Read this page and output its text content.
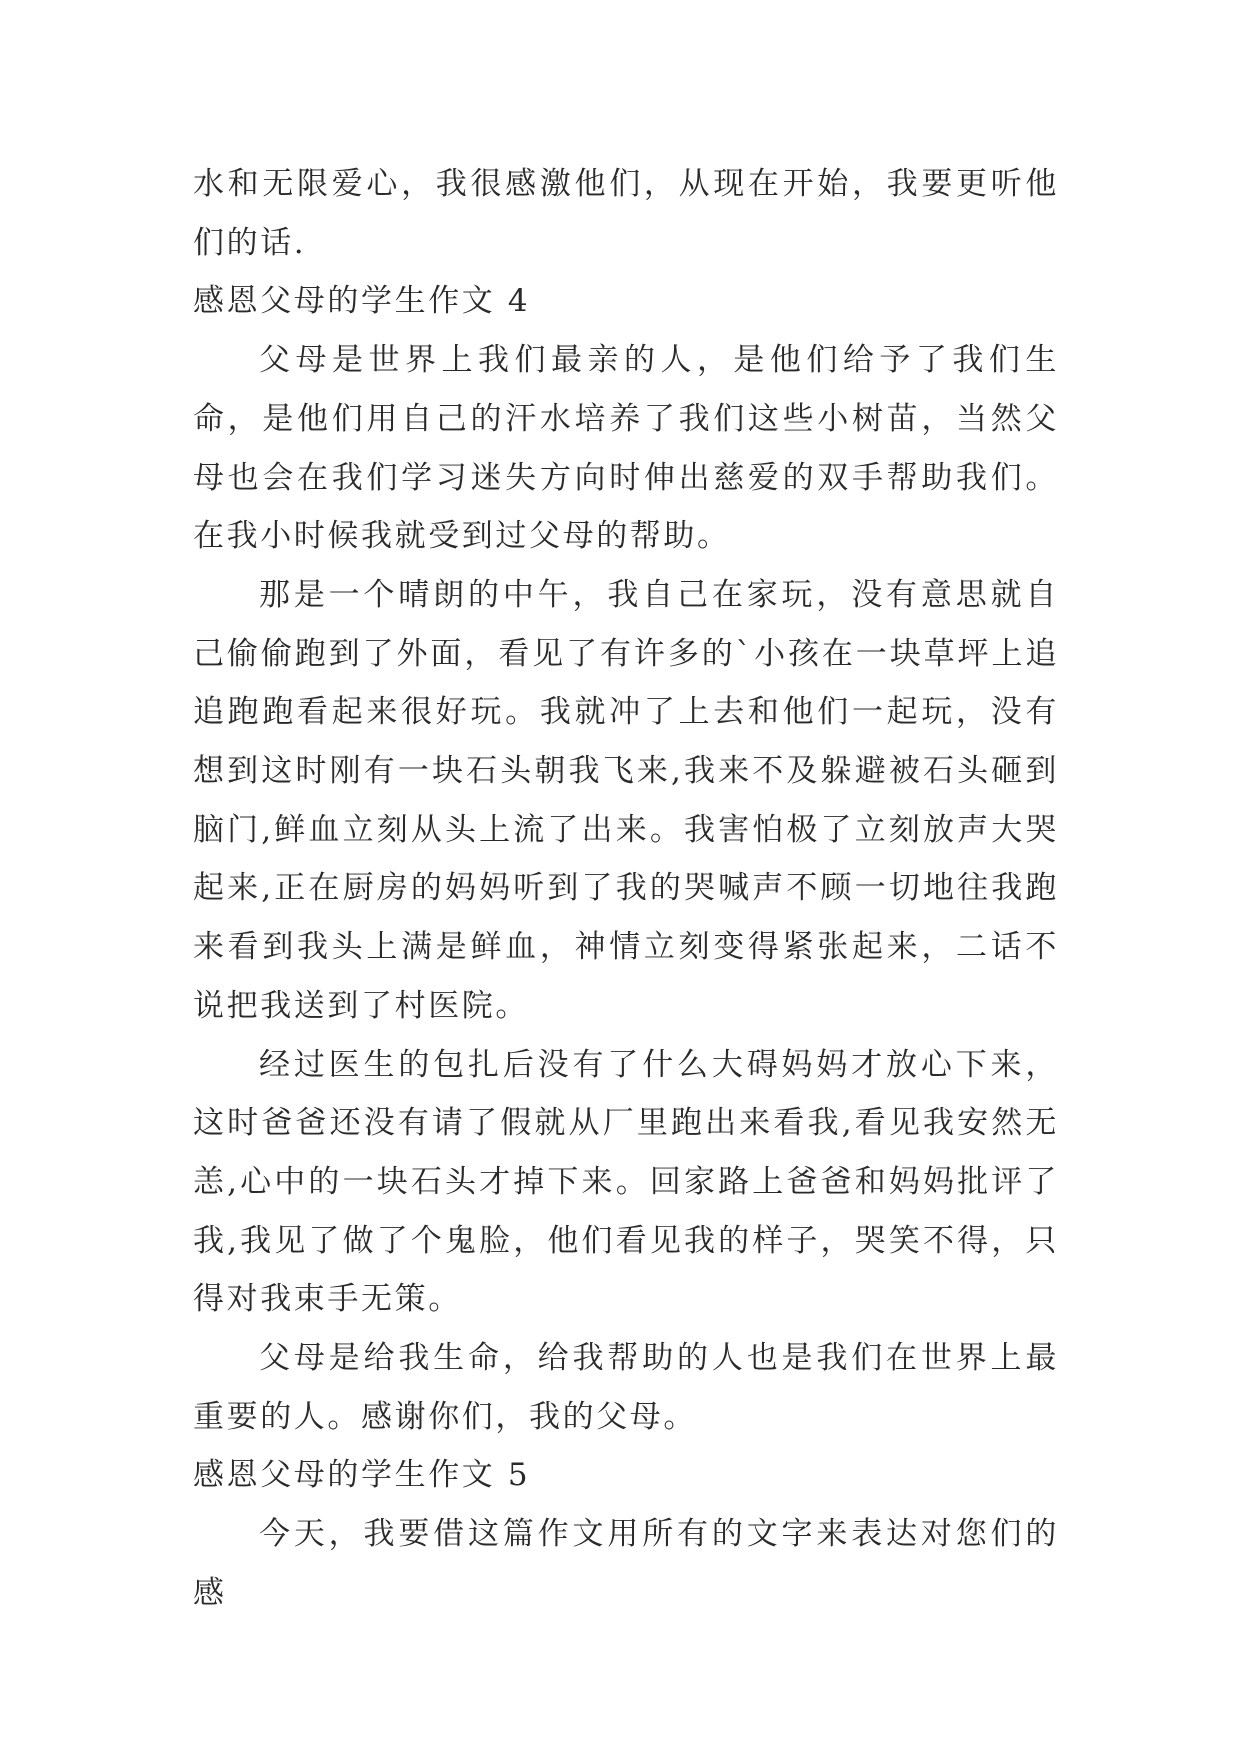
水和无限爱心，我很感激他们，从现在开始，我要更听他们的话.

感恩父母的学生作文 4

父母是世界上我们最亲的人，是他们给予了我们生命，是他们用自己的汗水培养了我们这些小树苗，当然父母也会在我们学习迷失方向时伸出慈爱的双手帮助我们。在我小时候我就受到过父母的帮助。

那是一个晴朗的中午，我自己在家玩，没有意思就自己偷偷跑到了外面，看见了有许多的`小孩在一块草坪上追追跑跑看起来很好玩。我就冲了上去和他们一起玩，没有想到这时刚有一块石头朝我飞来,我来不及躲避被石头砸到脑门,鲜血立刻从头上流了出来。我害怕极了立刻放声大哭起来,正在厨房的妈妈听到了我的哭喊声不顾一切地往我跑来看到我头上满是鲜血，神情立刻变得紧张起来，二话不说把我送到了村医院。

经过医生的包扎后没有了什么大碍妈妈才放心下来，这时爸爸还没有请了假就从厂里跑出来看我,看见我安然无恙,心中的一块石头才掉下来。回家路上爸爸和妈妈批评了我,我见了做了个鬼脸，他们看见我的样子，哭笑不得，只得对我束手无策。

父母是给我生命，给我帮助的人也是我们在世界上最重要的人。感谢你们，我的父母。

感恩父母的学生作文 5

今天，我要借这篇作文用所有的文字来表达对您们的感
